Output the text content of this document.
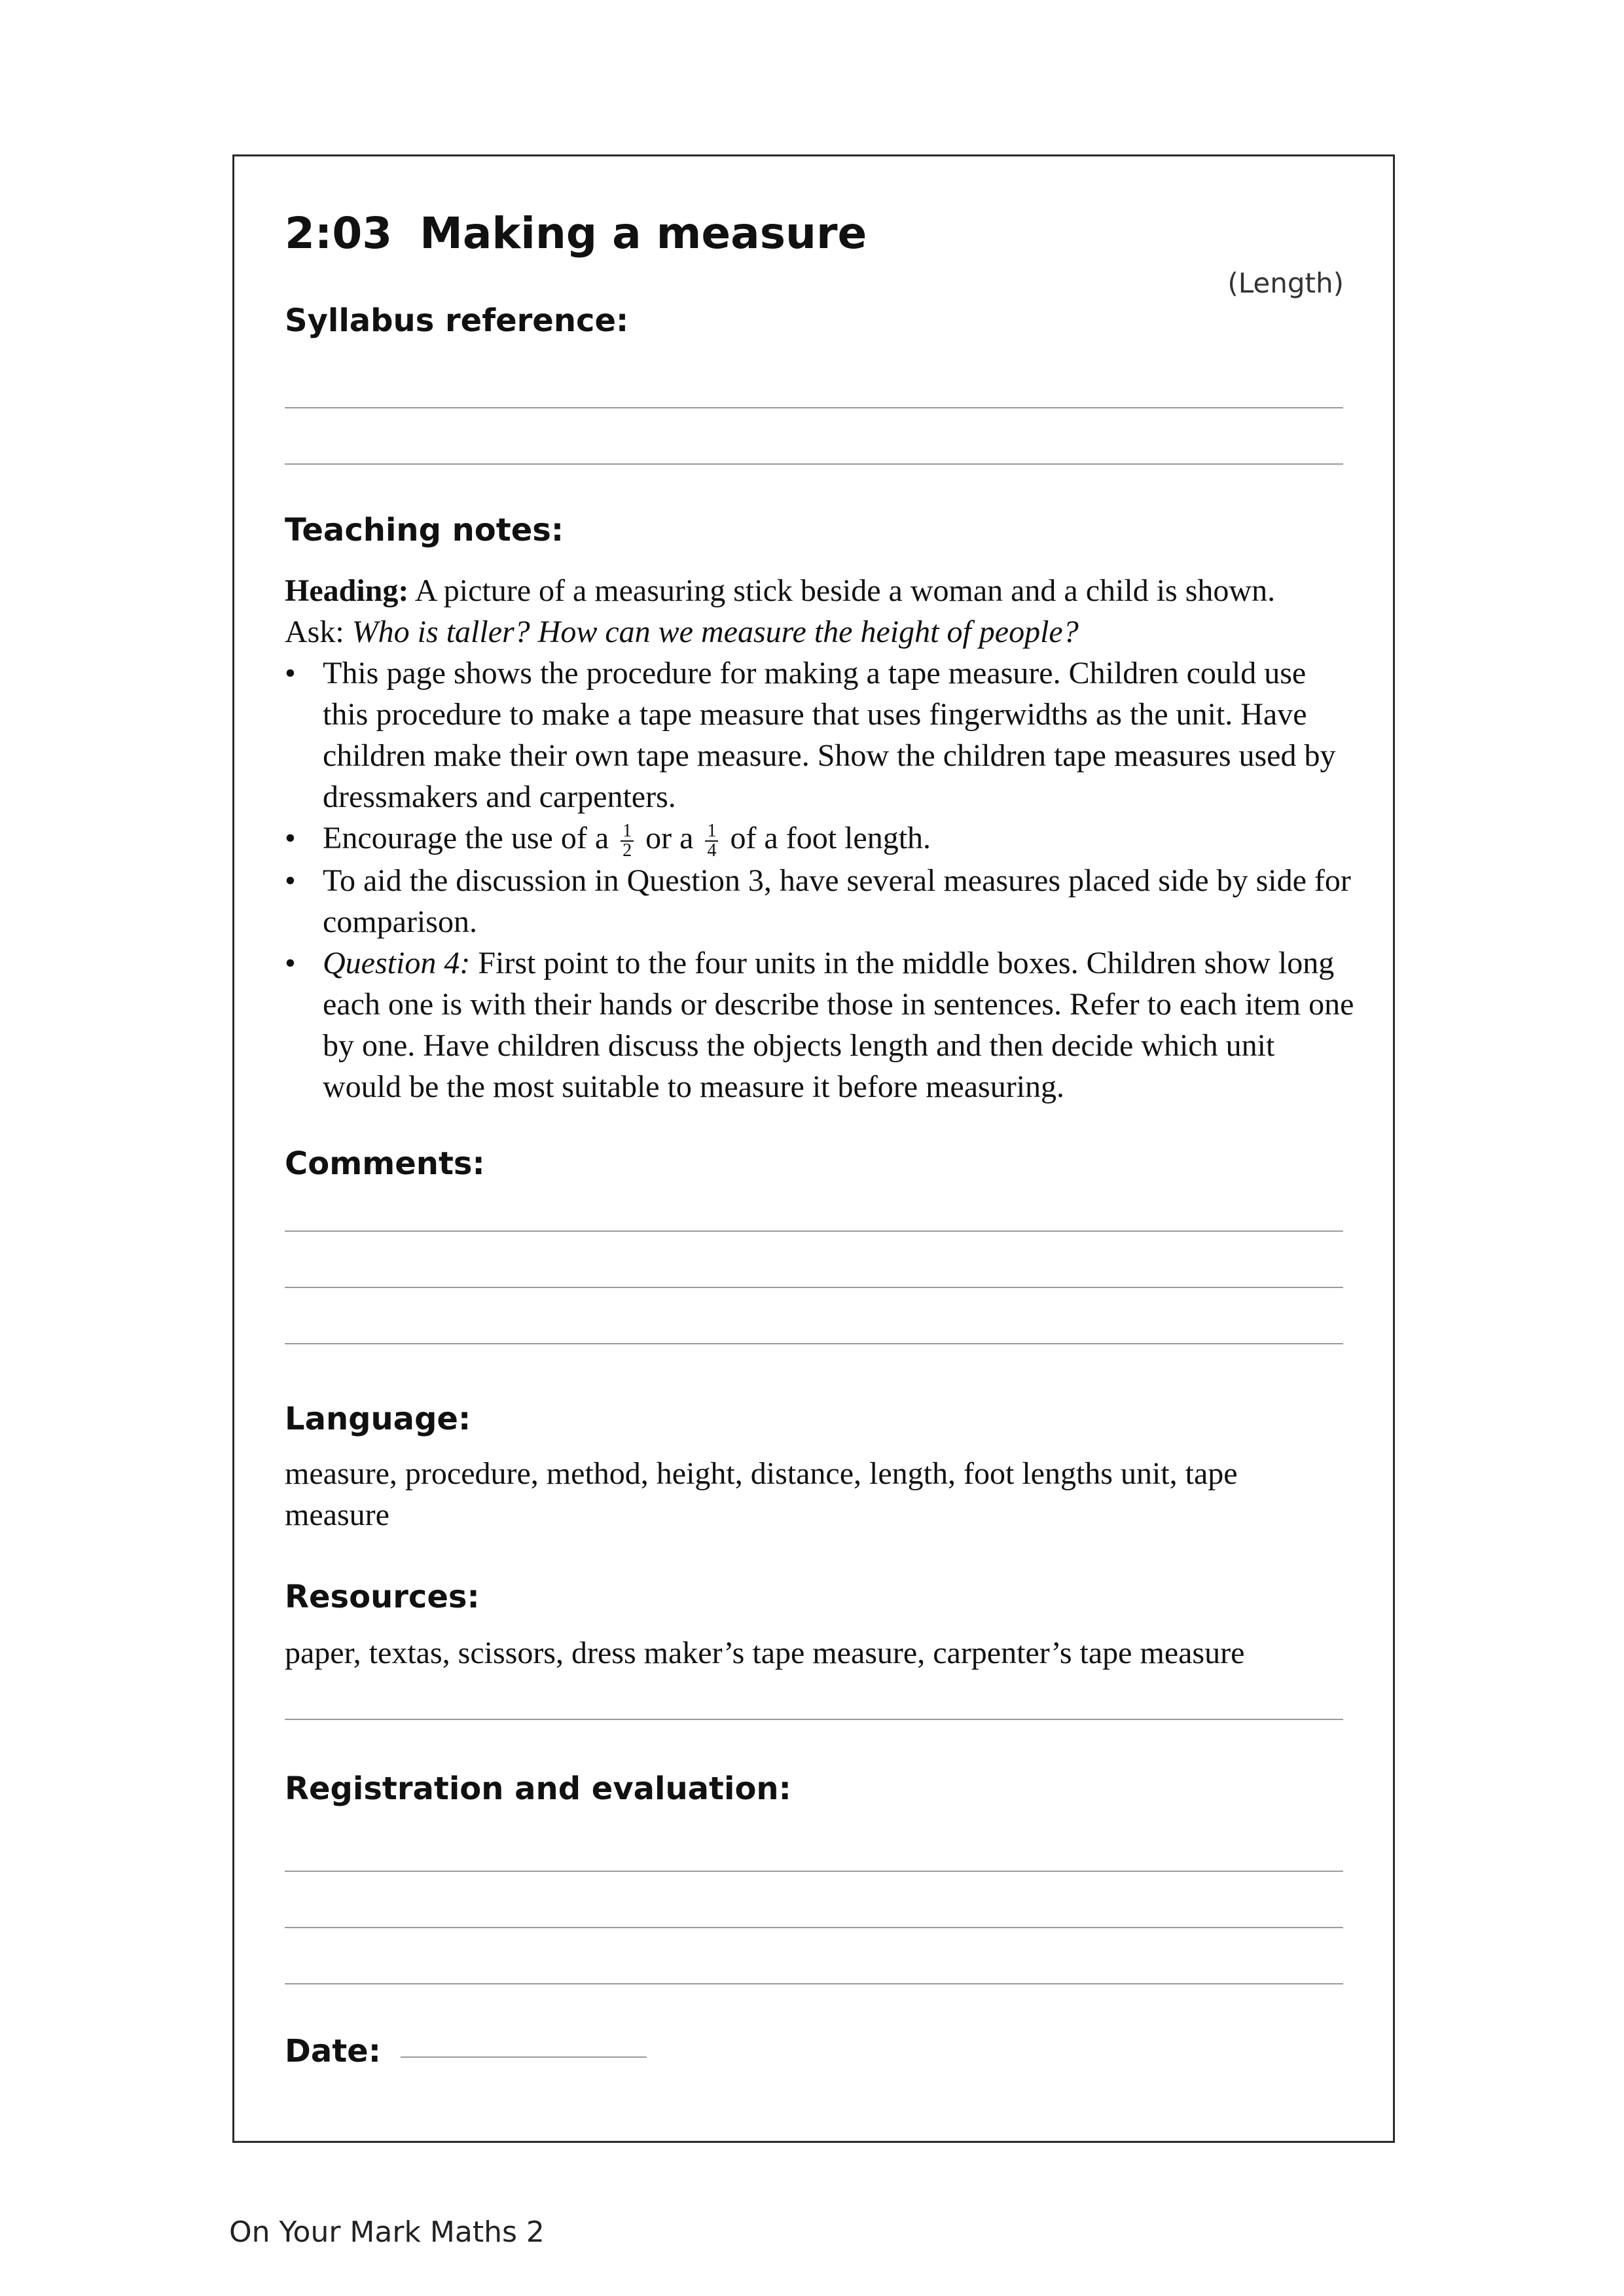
2:03 Making a measure
(Length)
Syllabus reference:
Teaching notes:

Heading: A picture of a measuring stick beside a woman and a child is shown.

Ask: Who is taller? How can we measure the height of people?

• This page shows the procedure for making a tape measure. Children could use this procedure to make a tape measure that uses fingerwidths as the unit. Have children make their own tape measure. Show the children tape measures used by dressmakers and carpenters.
• Encourage the use of a $\frac{1}{2}$ or a $\frac{1}{4}$ of a foot length.
• To aid the discussion in Question 3, have several measures placed side by side for comparison.
• Question 4: First point to the four units in the middle boxes. Children show long each one is with their hands or describe those in sentences. Refer to each item one by one. Have children discuss the objects length and then decide which unit would be the most suitable to measure it before measuring.
Comments:
Language:
measure, procedure, method, height, distance, length, foot lengths unit, tape measure
Resources:
paper, textas, scissors, dress maker’s tape measure, carpenter’s tape measure
Registration and evaluation:
Date:
On Your Mark Maths 2
